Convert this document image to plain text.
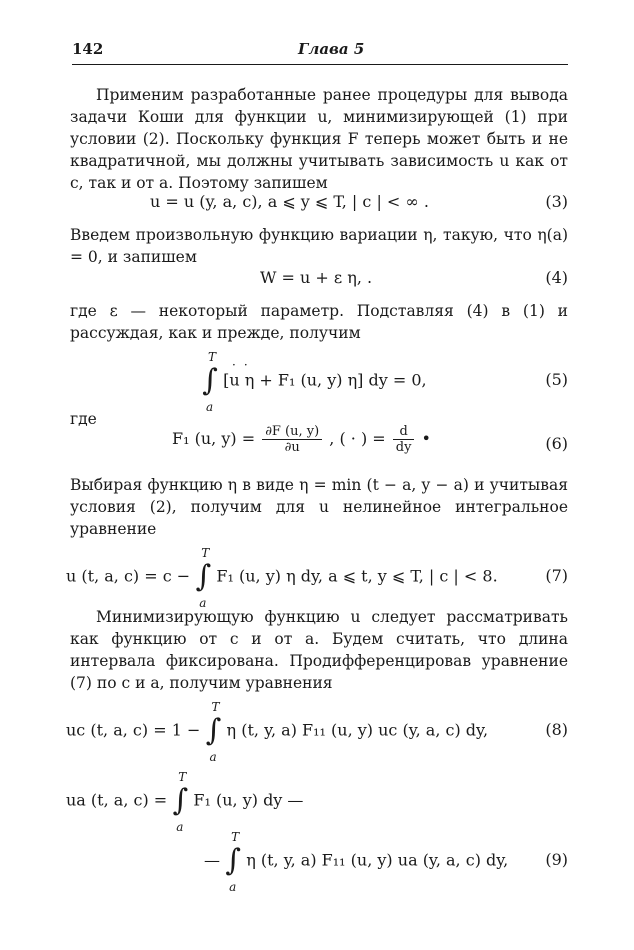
142	Глава 5

Применим разработанные ранее процедуры для вывода задачи Коши для функции u, минимизирующей (1) при условии (2). Поскольку функция F теперь может быть и не квадратичной, мы должны учитывать зависимость u как от c, так и от a. Поэтому запишем

u = u (y, a, c), a ⩽ y ⩽ T, | c | < ∞ .	(3)

Введем произвольную функцию вариации η, такую, что η(a) = 0, и запишем

W = u + ε η, .	(4)

где ε — некоторый параметр. Подставляя (4) в (1) и рассуждая, как и прежде, получим

T
∫
a
[u η + F₁ (u, y) η] dy = 0,
··
(5)

где

F₁ (u, $y) = \frac{\partial F (u, y)}{\partial u}$ , ( · ) = $\frac{d}{dy}$ •	(6)

Выбирая функцию η в виде η = min (t − a, y − a) и учитывая условия (2), получим для u нелинейное интегральное уравнение

u (t, a, c) = c −
T
∫
a
F₁ (u, y) η dy, a ⩽ t, y ⩽ T, | c | < 8.	(7)

Минимизирующую функцию u следует рассматривать как функцию от c и от a. Будем считать, что длина интервала фиксирована. Продифференцировав уравнение (7) по c и a, получим уравнения

uc (t, a, c) = 1 −
T
∫
a
η (t, y, a) F₁₁ (u, y) uc (y, a, c) dy,	(8)
ua (t, a, c) =
T
∫
a
F₁ (u, y) dy —
—
T
∫
a
η (t, y, a) F₁₁ (u, y) ua (y, a, c) dy, (9)
